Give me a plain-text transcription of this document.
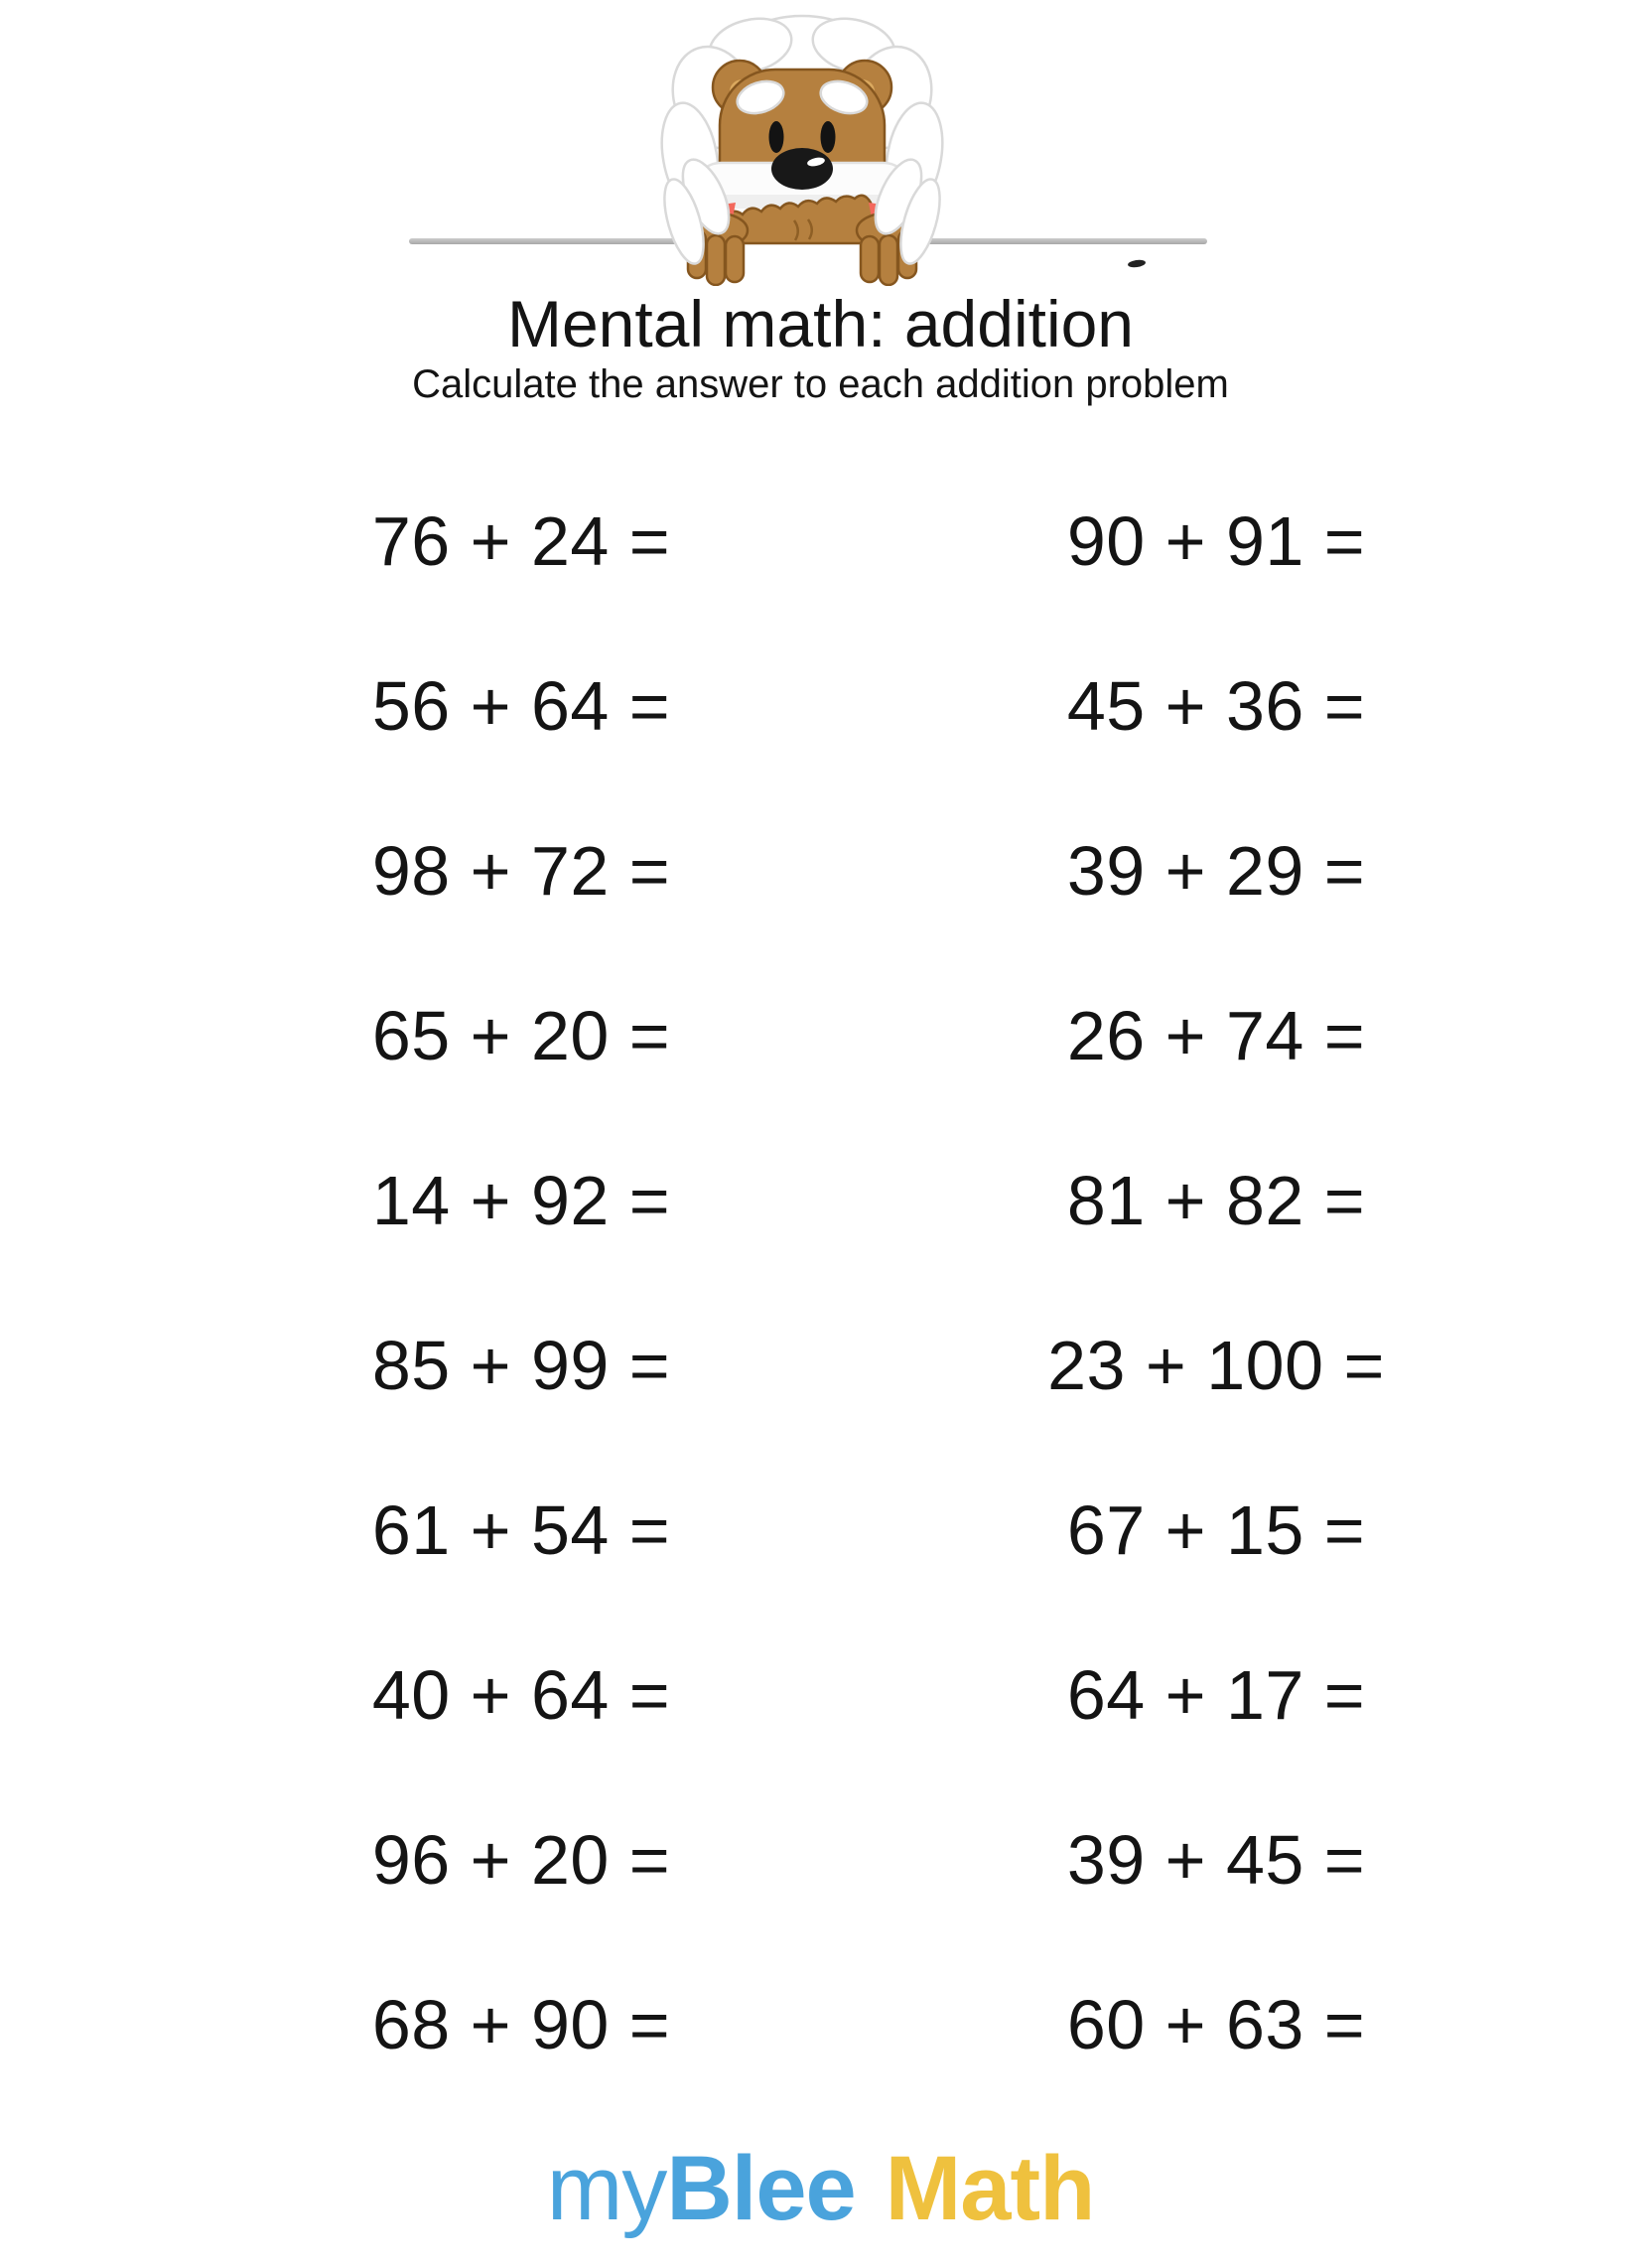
Mental math: addition

Calculate the answer to each addition problem

76 + 24 =	90 + 91 =
56 + 64 =	45 + 36 =
98 + 72 =	39 + 29 =
65 + 20 =	26 + 74 =
14 + 92 =	81 + 82 =
85 + 99 =	23 + 100 =
61 + 54 =	67 + 15 =
40 + 64 =	64 + 17 =
96 + 20 =	39 + 45 =
68 + 90 =	60 + 63 =
my Blee Math
